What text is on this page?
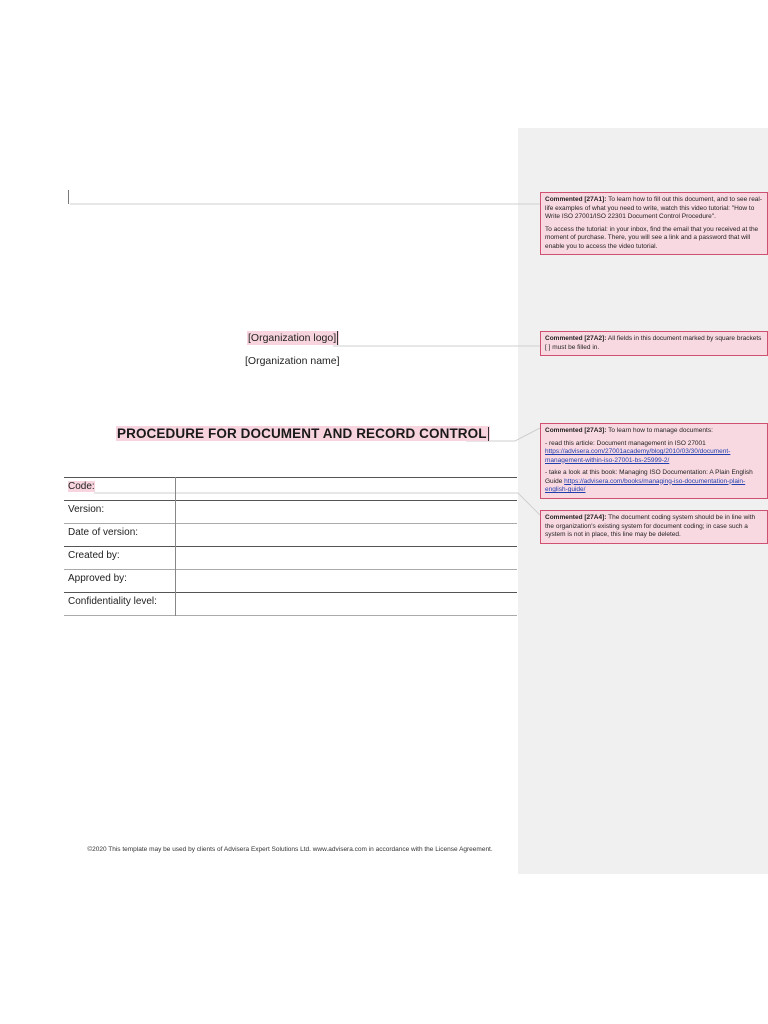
[Organization logo]
[Organization name]
PROCEDURE FOR DOCUMENT AND RECORD CONTROL
Code:	
Version:	
Date of version:	
Created by:	
Approved by:	
Confidentiality level:	
©2020 This template may be used by clients of Advisera Expert Solutions Ltd. www.advisera.com in accordance with the License Agreement.

Commented [27A1]: To learn how to fill out this document, and to see real-life examples of what you need to write, watch this video tutorial: "How to Write ISO 27001/ISO 22301 Document Control Procedure".

To access the tutorial: in your inbox, find the email that you received at the moment of purchase. There, you will see a link and a password that will enable you to access the video tutorial.

Commented [27A2]: All fields in this document marked by square brackets [ ] must be filled in.

Commented [27A3]: To learn how to manage documents:

- read this article: Document management in ISO 27001 https://advisera.com/27001academy/blog/2010/03/30/document-management-within-iso-27001-bs-25999-2/

- take a look at this book: Managing ISO Documentation: A Plain English Guide https://advisera.com/books/managing-iso-documentation-plain-english-guide/

Commented [27A4]: The document coding system should be in line with the organization's existing system for document coding; in case such a system is not in place, this line may be deleted.
